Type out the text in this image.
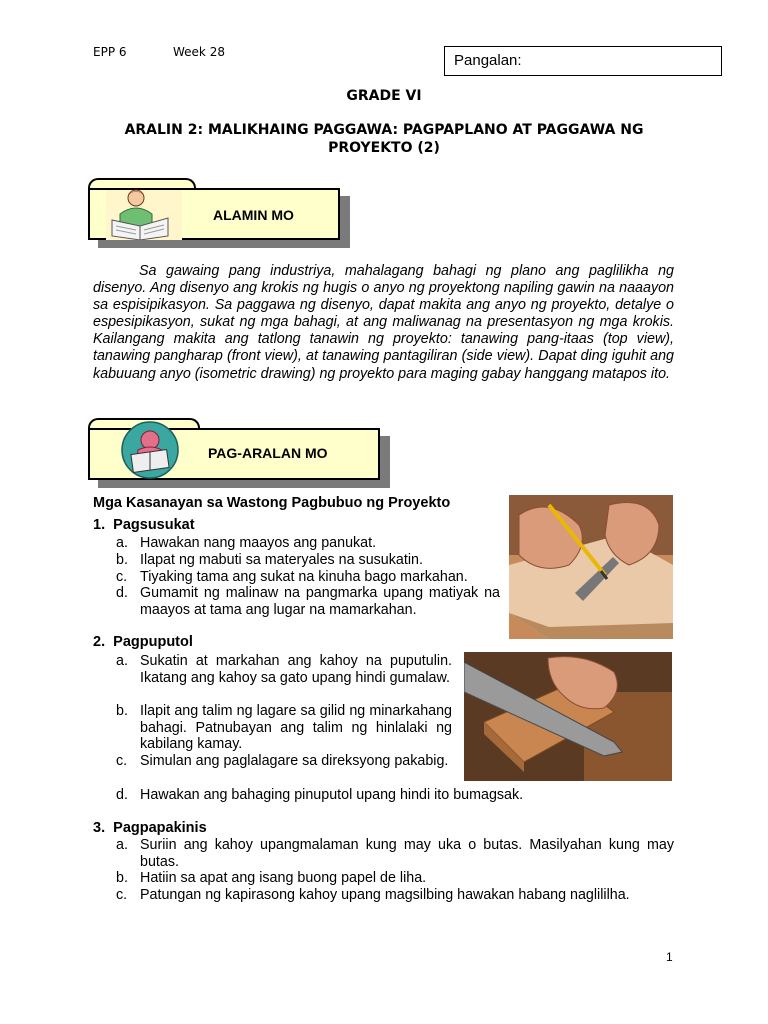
EPP 6	Week 28	Pangalan:
GRADE VI
ARALIN 2: MALIKHAING PAGGAWA: PAGPAPLANO AT PAGGAWA NG PROYEKTO (2)
ALAMIN MO
Sa gawaing pang industriya, mahalagang bahagi ng plano ang paglilikha ng disenyo. Ang disenyo ang krokis ng hugis o anyo ng proyektong napiling gawin na naaayon sa espisipikasyon. Sa paggawa ng disenyo, dapat makita ang anyo ng proyekto, detalye o espesipikasyon, sukat ng mga bahagi, at ang maliwanag na presentasyon ng mga krokis. Kailangang makita ang tatlong tanawin ng proyekto: tanawing pang-itaas (top view), tanawing pangharap (front view), at tanawing pantagiliran (side view). Dapat ding iguhit ang kabuuang anyo (isometric drawing) ng proyekto para maging gabay hanggang matapos ito.
PAG-ARALAN MO
Mga Kasanayan sa Wastong Pagbubuo ng Proyekto
1. Pagsusukat
a. Hawakan nang maayos ang panukat.
b. Ilapat ng mabuti sa materyales na susukatin.
c. Tiyaking tama ang sukat na kinuha bago markahan.
d. Gumamit ng malinaw na pangmarka upang matiyak na maayos at tama ang lugar na mamarkahan.
2. Pagpuputol
a. Sukatin at markahan ang kahoy na puputulin. Ikatang ang kahoy sa gato upang hindi gumalaw.
b. Ilapit ang talim ng lagare sa gilid ng minarkahang bahagi. Patnubayan ang talim ng hinlalaki ng kabilang kamay.
c. Simulan ang paglalagare sa direksyong pakabig.
d. Hawakan ang bahaging pinuputol upang hindi ito bumagsak.
3. Pagpapakinis
a. Suriin ang kahoy upangmalaman kung may uka o butas. Masilyahan kung may butas.
b. Hatiin sa apat ang isang buong papel de liha.
c. Patungan ng kapirasong kahoy upang magsilbing hawakan habang naglililha.
1
